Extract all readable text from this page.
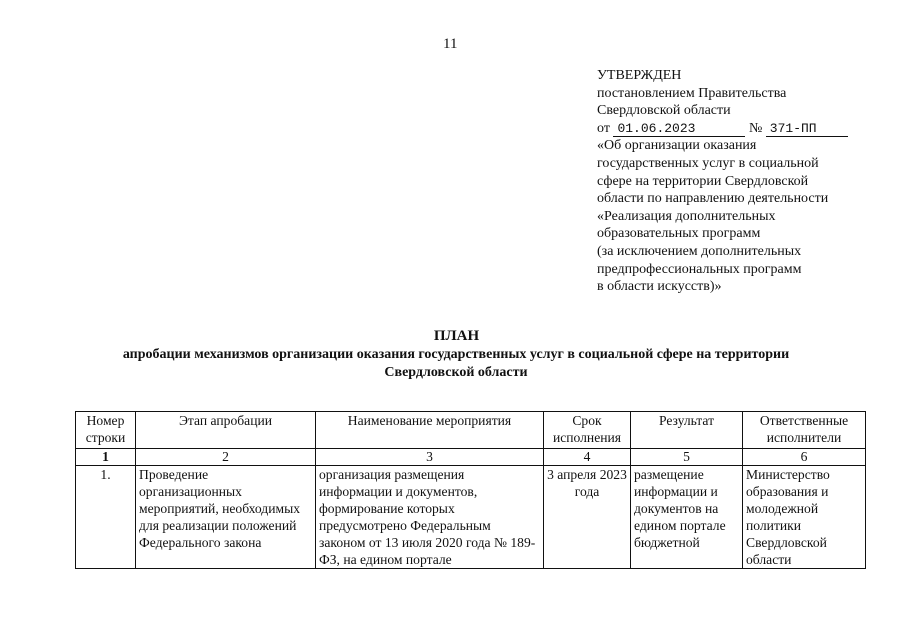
11
УТВЕРЖДЕН
постановлением Правительства
Свердловской области
от 01.06.2023	№ 371-ПП
«Об организации оказания
государственных услуг в социальной
сфере на территории Свердловской
области по направлению деятельности
«Реализация дополнительных
образовательных программ
(за исключением дополнительных
предпрофессиональных программ
в области искусств)»
ПЛАН
апробации механизмов организации оказания государственных услуг в социальной сфере на территории
Свердловской области
Номер строки	Этап апробации	Наименование мероприятия	Срок исполнения	Результат	Ответственные исполнители
1	2	3	4	5	6

1.	Проведение организационных мероприятий, необходимых для реализации положений Федерального закона	организация размещения информации и документов, формирование которых предусмотрено Федеральным законом от 13 июля 2020 года № 189-ФЗ, на едином портале	3 апреля 2023 года	размещение информации и документов на едином портале бюджетной	Министерство образования и молодежной политики Свердловской области
